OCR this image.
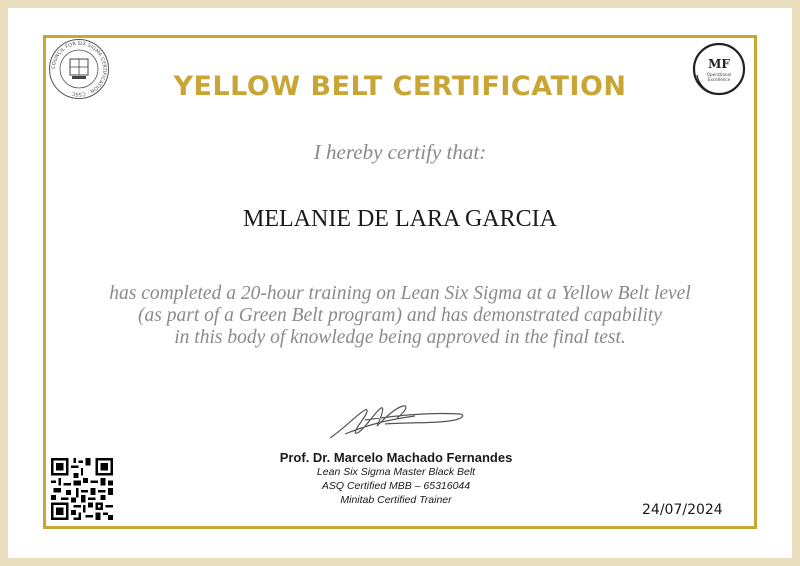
COUNCIL FOR SIX SIGMA CERTIFICATION · CSSC ·
MF
Operational
Excellence
YELLOW BELT CERTIFICATION
I hereby certify that:
MELANIE DE LARA GARCIA
has completed a 20-hour training on Lean Six Sigma at a Yellow Belt level
(as part of a Green Belt program) and has demonstrated capability
in this body of knowledge being approved in the final test.
Prof. Dr. Marcelo Machado Fernandes
Lean Six Sigma Master Black Belt
ASQ Certified MBB – 65316044
Minitab Certified Trainer
24/07/2024
